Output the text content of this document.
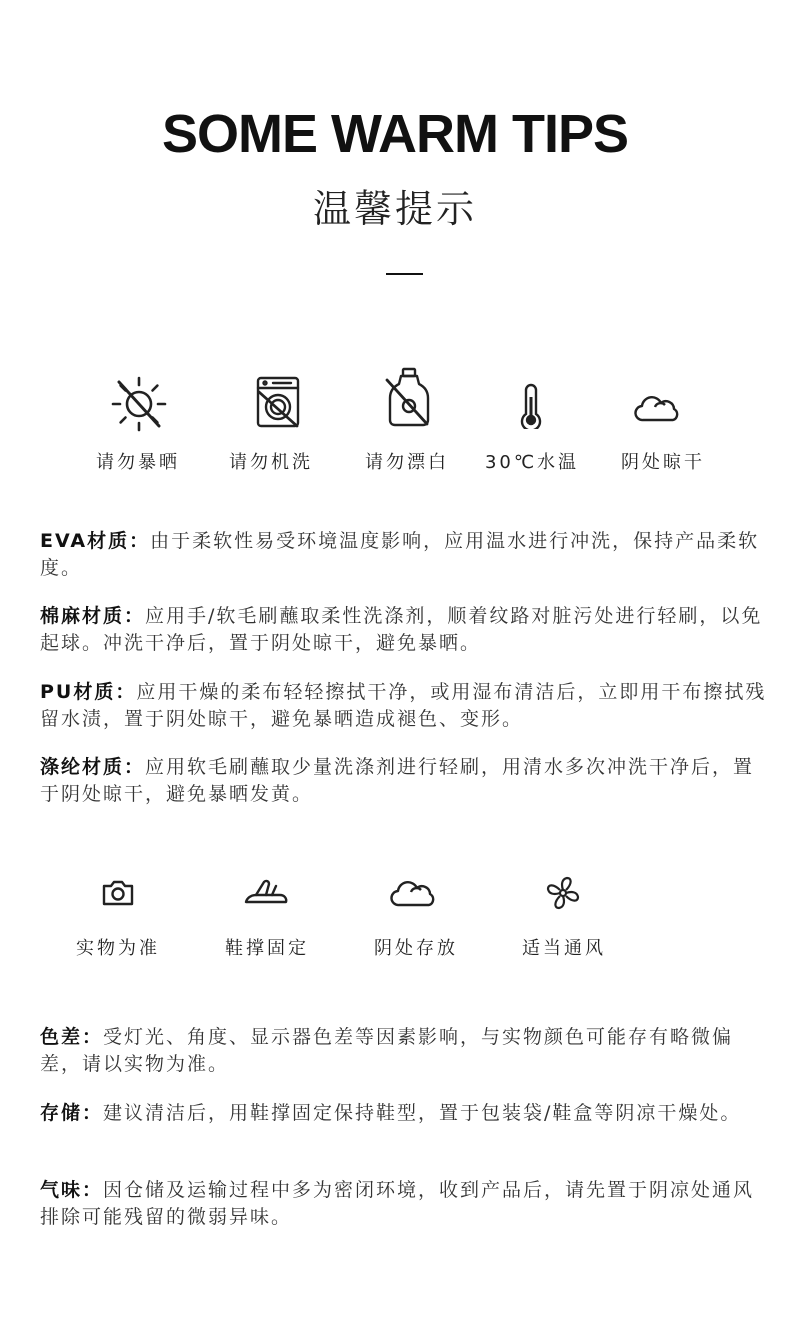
SOME WARM TIPS
温馨提示
请勿暴晒	请勿机洗	请勿漂白	30℃水温	阴处晾干

EVA材质：由于柔软性易受环境温度影响，应用温水进行冲洗，保持产品柔软度。

棉麻材质：应用手/软毛刷蘸取柔性洗涤剂，顺着纹路对脏污处进行轻刷，以免起球。冲洗干净后，置于阴处晾干，避免暴晒。

PU材质：应用干燥的柔布轻轻擦拭干净，或用湿布清洁后，立即用干布擦拭残留水渍，置于阴处晾干，避免暴晒造成褪色、变形。

涤纶材质：应用软毛刷蘸取少量洗涤剂进行轻刷，用清水多次冲洗干净后，置于阴处晾干，避免暴晒发黄。

实物为准	鞋撑固定	阴处存放	适当通风

色差：受灯光、角度、显示器色差等因素影响，与实物颜色可能存有略微偏差，请以实物为准。

存储：建议清洁后，用鞋撑固定保持鞋型，置于包装袋/鞋盒等阴凉干燥处。

气味：因仓储及运输过程中多为密闭环境，收到产品后，请先置于阴凉处通风排除可能残留的微弱异味。
